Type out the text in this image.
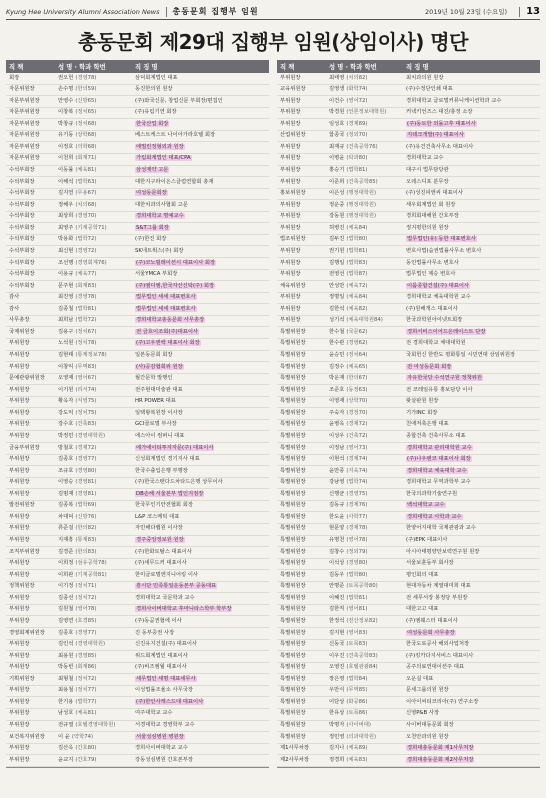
Kyung Hee University Alumni Association News 총동문회 집행부 임원	2019년 10월 23일 (수요일) 13
총동문회 제29대 집행부 임원(상임이사) 명단
직 책	성 명 · 학과 학번	직 징 명
회장	권오헌 (경영78)	삼덕회계법인 대표
자문위원장	손수명 (한의59)	동진한의원 원장
자문부위원장	안영수 (신방65)	(주)와국신문, 창업신문 부회장/편집인
자문부위원장	이창복 (정치65)	(주)유림기연 회장
자문부위원장	박창규 (정치68)	한국산업 회장
자문부위원장	유기동 (상학68)	베스트케스트 나이아가라호텔 회장
자문부위원장	이정호 (의학68)	에벌린정형외과 원장
자문부위원장	이천희 (회계71)	가림회계법인 대표/CPA
수석부회장	이동률 (체육81)	삼성제약 고문
수석부회장	이해석 (법학63)	대한지구라이온스클럽연합회 총재
수석부회장	김지연 (무용67)	여성동문회장
수석부회장	정해우 (치의68)	대한치과의사협회 고문
수석부회장	최상희 (경영70)	경희대학교 명예교수
수석부회장	최영주 (기계공학71)	S&T그룹 회장
수석부회장	박용화 (법학72)	(주)한진 회장
수석부회장	최신현 (경영72)	SK네트웍스(주) 회장
수석부회장	조선행 (경영회계76)	(주)코노릴레이션시 대표이사 회장
수석부회장	이용규 (체육77)	서울YMCA 부회장
수석부회장	문주현 (회계83)	(주)엠디엠,한국자산신탁(주) 회장
감사	최진영 (경영78)	법무법인 세세 대표변호사
감사	김종철 (법학81)	법무법인 세세 대표변호사
사무총장	최희남 (법학72)	경희대학교총동문회 사무총장
국제위원장	김용구 (정치67)	전 금호이조회(주)대표이사
부위원장	노석원 (정치78)	(주)고우엔백 대표이사 회장
부위원장	김현태 (통계정보78)	일본동문회 회장
부위원장	이창익 (무역83)	(사)공감협회위 원장
문예관광위원장	오영재 (영어67)	월간문학 발행인
부위원장	이기원 (리서74)	전주현대미술관 대표
부위원장	황옥자 (식영75)	HR POWER 대표
부위원장	강도익 (정치75)	일택왕복원장 이사장
부위원장	강수호 (건축83)	GCI골로벌 부사장
부위원장	박정민 (경영대학원)	에스아이 컴퍼니 대표
금융부위원장	방철호 (경제72)	에가에이티투자자문(주) 대표이사
부위원장	김종호 (경영77)	신성회계법인 경기지사 대표
부위원장	조규호 (경영80)	한국수출입은행 부행장
부위원장	이영승 (경영81)	(주)한국스탠다드차타드은행 상무이사
부위원장	김범재 (경영81)	DB손해 서울본부 법인지점장
발전위원장	김종복 (법학69)	한국무인기안전협회 회장
부위원장	차대덕 (신방76)	L&P 코스메틱 대표
부위원장	류준걸 (한의82)	자민해다랩원 이사장
부위원장	지재흥 (통계83)	경주중앙정보원 원장
조직부위원장	김경준 (한의83)	(주)한화토탈스 대표이사
부위원장	이희정 (섬유공학78)	(주)세무드커 대표이사
부위원장	이희완 (기계공학81)	한미글로벌엔지니어링 이사
정책위원장	이기정 (정치71)	흥시단 민족통일운동본부 공동대표
부위원장	김종선 (정치72)	경희대학교 국문학과 교수
부위원장	김원철 (영어78)	경희사이버대학교 후마니타스학부 학부장
부위원장	김영연 (호경85)	(주)동곰권협에 이사
경영회계위원장	김종호 (경영77)	진 동부증권 사장
부위원장	김인석 (경영대학원)	신진유지건설(주) 대표이사
부위원장	최용원 (경영85)	위드회계법인 대표이사
부위원장	박동빈 (회계86)	(주)비즈엠월 대표이사
기획위원장	최형철 (정치72)	세무법인 세명 대표세무사
부위원장	최용철 (정치77)	이성법률조율소 사무국장
부위원장	한기용 (법학77)	(주)한인사캐스드대 대표이사
부위원장	남성호 (체육81)	여주대학교 교수
부위원장	전규열 (호텔경영대학원)	서경대학교 경영학부 교수
보건복지위원장	이 윤 (약학74)	서울성심병원 병원장
부위원장	김산옥 (간호80)	경희사이버대학교 교수
부위원장	윤교지 (간호79)	강동성심병원 간호본부장
직 책	성 명 · 학과 학번	직 징 명
부위원장	최태영 (치의82)	최치과의원 원장
교육위원장	김영생 (화학74)	(주)수정단인쇄 대표
부위원장	이건수 (영어72)	경희대학교 글로벌커뮤니케이션학과 교수
부위원장	박경원 (언론정보대학원)	커넥키언즈스 대진/총정 소장
부위원장	임성호 (경제89)	(주)동토한 외돌고후 대표이사
산업위원장	함종국 (정외70)	지테크개발(주) 대표이사
부위원장	최재규 (건축공학76)	(주)유건건축사무소 대표이사
부위원장	이병윤 (탁과80)	경희대학교 교수
부위원장	홍승기 (법학81)	대구시 법무담당관
부위원장	이준희 (건축공학85)	오데스디포 분무장
홍보위원장	이은성 (행정대학원)	(주)성진피앤씨 대표이사
부위원장	정운중 (행정대학원)	세우회계법인 회 원장
부위원장	강동원 (행정대학원)	경희회대해원 간호부장
부위원장	허병진 (체육84)	정지평한의원 원장
법조위원장	김두진 (법학80)	법무법인(유) 동한 대표변호사
부위원장	권기원 (법학81)	변호사법(숨권법률사무소 변호사
부위원장	김행일 (법학83)	동인법률사무소 변호사
부위원장	전영선 (법학87)	법무법인 제승 변호사
체육위원장	안성만 (체육72)	이룸종합건설(주) 대표이사
부위원장	정명일 (체육84)	경희대학교 체육대학원 교수
부위원장	김한석 (체육82)	(주)원해개스 대표이사
부위원장	성기석 (체육대학원84)	한국과학원아이넷트회장
특별위원장	한수철 (국문62)	경희서비스이어드온레이스트 단장
특별위원장	한수관 (경영62)	전 경희대학교 체대대학원
특별위원장	윤승민 (정치64)	국회헌신 한반도 평화통일 시민연대 상임위원장
특별위원장	김정수 (체육65)	전 여성동문회 회장
특별위원장	박운재 (한의67)	자유한국당 수석연구원 정책위원
특별위원장	조준호 (동정63)	전 코레일유통 홍보담당 이사
특별위원장	이영재 (상학70)	왓살판원 원장
특별위원장	주숙자 (경정70)	기가INC 회장
특별위원장	윤병옥 (경제72)	친애저축은행 대표
특별위원장	이성우 (건축72)	종합건축 건축사무소 대표
특별위원장	이정남 (영어73)	경희대학교 관리대학원 교수
특별위원장	이현석 (경제74)	(주)나우팬코 대표이사 회장
특별위원장	윤만종 (지육74)	경희대학교 체육대학 교수
특별위원장	강남영 (법학74)	경희대학교 무역과학부 교수
특별위원장	신행균 (경영75)	한국의과학기술연구원
특별위원장	김동규 (경제76)	백석대학교 교수
특별위원장	한도윤 (사학77)	경희대학교 사학과 교수
특별위원장	현문양 (경제78)	한양어지대학 국제관광과 교수
특별위원장	유명천 (영어78)	(주)EPK 대표이사
특별위원장	김창수 (정외79)	아시아태평양안보력연구원 원장
특별위원장	이석상 (경영80)	서울보훈동부 회사장
특별위원장	김동우 (법학80)	평인회의 대표
특별위원장	안명준 (토목공학80)	현대자동차 계열대미희 대표
특별위원장	이혜진 (법학81)	전 세무서장 봉정당 부원장
특별위원장	김한직 (영어81)	대한고고 대표
특별위원장	한정석 (전산정보82)	(주)엠웨스터 대표이사
특별위원장	김지현 (영어83)	여성동문회 사무총장
특별위원장	신동국 (토목83)	한국도로공사 해외사업처장
특별위원장	이우진 (건축공학83)	(주)킹카다지서비스 대표이사
특별위원장	오영진 (호텔관광84)	공주의료연대이션주 대표
특별위원장	장은영 (법학84)	오운실 대표
특별위원장	우만식 (무역85)	문세그룹의원 원장
특별위원장	이단상 (화공86)	이아이씨티코리아(주) 연구소장
특별위원장	한유상 (토목86)	신영P&B 사장
특별위원장	박명자 (사이버대)	사이버대동문회 회장
특별위원장	정민영 (의과대학원)	오천안과의원 원장
제1사무차장	김지나 (체육89)	경희대총동문회 제1사무처장
제2사무차장	정경희 (체육83)	경희대총동문회 제2사무처장
